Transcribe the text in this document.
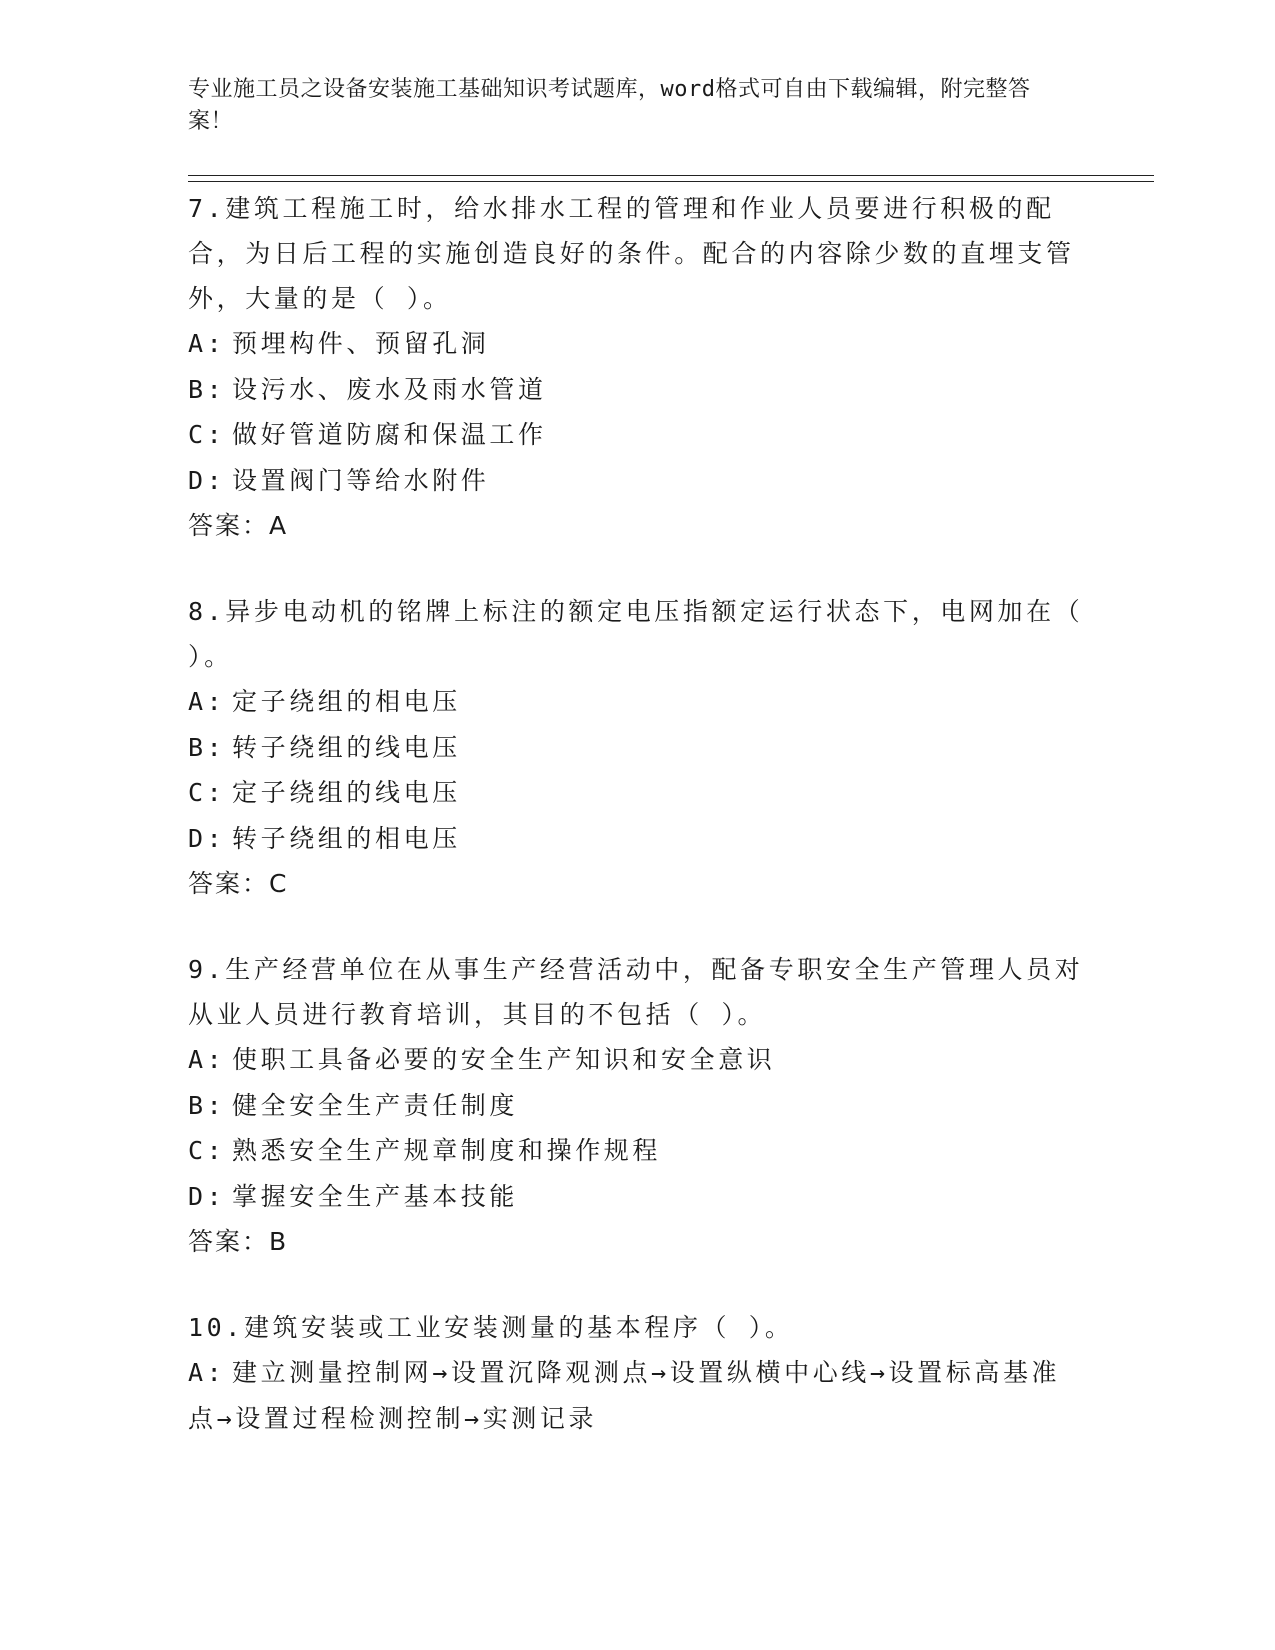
专业施工员之设备安装施工基础知识考试题库，word格式可自由下载编辑，附完整答案！

7.建筑工程施工时，给水排水工程的管理和作业人员要进行积极的配合，为日后工程的实施创造良好的条件。配合的内容除少数的直埋支管外，大量的是（ ）。

A: 预埋构件、预留孔洞

B: 设污水、废水及雨水管道

C: 做好管道防腐和保温工作

D: 设置阀门等给水附件

答案：A

8.异步电动机的铭牌上标注的额定电压指额定运行状态下，电网加在（ ）。

A: 定子绕组的相电压

B: 转子绕组的线电压

C: 定子绕组的线电压

D: 转子绕组的相电压

答案：C

9.生产经营单位在从事生产经营活动中，配备专职安全生产管理人员对从业人员进行教育培训，其目的不包括（ ）。

A: 使职工具备必要的安全生产知识和安全意识

B: 健全安全生产责任制度

C: 熟悉安全生产规章制度和操作规程

D: 掌握安全生产基本技能

答案：B

10.建筑安装或工业安装测量的基本程序（ ）。

A: 建立测量控制网→设置沉降观测点→设置纵横中心线→设置标高基准点→设置过程检测控制→实测记录
